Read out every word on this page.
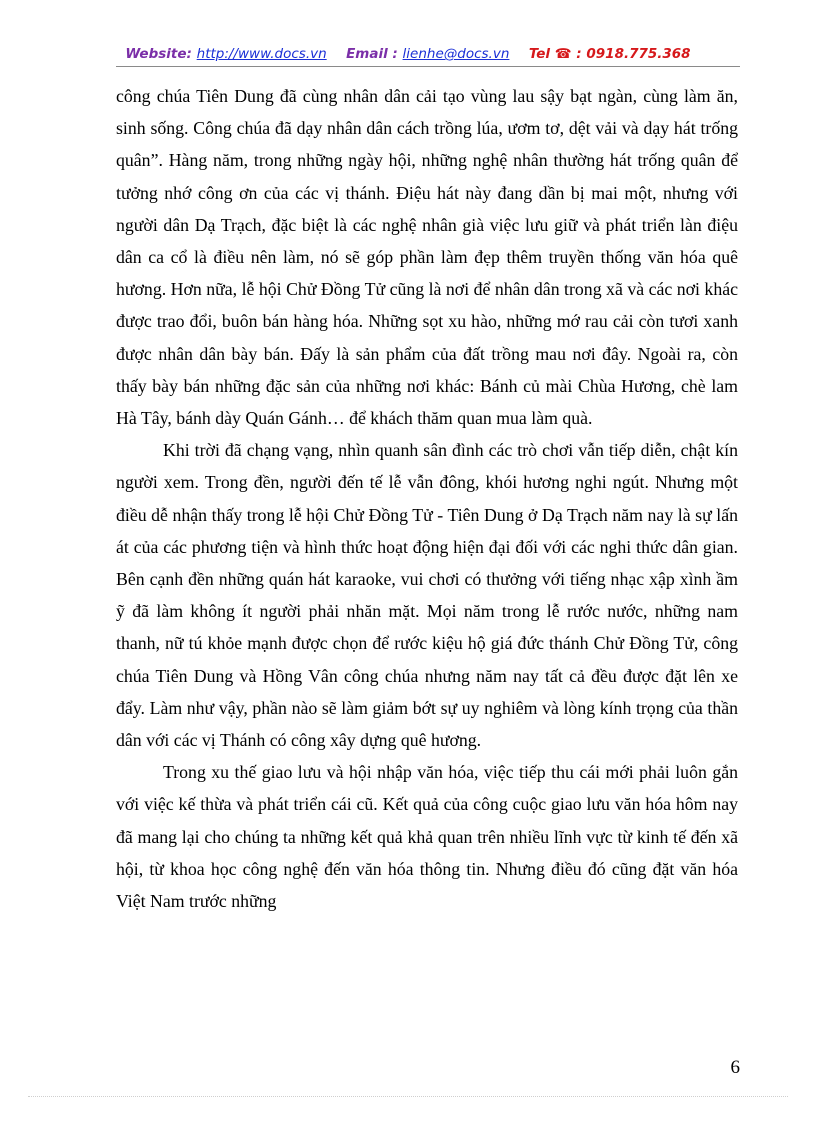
Website: http://www.docs.vn Email : lienhe@docs.vn Tel ☎ : 0918.775.368

công chúa Tiên Dung đã cùng nhân dân cải tạo vùng lau sậy bạt ngàn, cùng làm ăn, sinh sống. Công chúa đã dạy nhân dân cách trồng lúa, ươm tơ, dệt vải và dạy hát trống quân”. Hàng năm, trong những ngày hội, những nghệ nhân thường hát trống quân để tưởng nhớ công ơn của các vị thánh. Điệu hát này đang dần bị mai một, nhưng với người dân Dạ Trạch, đặc biệt là các nghệ nhân già việc lưu giữ và phát triển làn điệu dân ca cổ là điều nên làm, nó sẽ góp phần làm đẹp thêm truyền thống văn hóa quê hương. Hơn nữa, lễ hội Chử Đồng Tử cũng là nơi để nhân dân trong xã và các nơi khác được trao đổi, buôn bán hàng hóa. Những sọt xu hào, những mớ rau cải còn tươi xanh được nhân dân bày bán. Đấy là sản phẩm của đất trồng mau nơi đây. Ngoài ra, còn thấy bày bán những đặc sản của những nơi khác: Bánh củ mài Chùa Hương, chè lam Hà Tây, bánh dày Quán Gánh… để khách thăm quan mua làm quà.

Khi trời đã chạng vạng, nhìn quanh sân đình các trò chơi vẫn tiếp diễn, chật kín người xem. Trong đền, người đến tế lễ vẫn đông, khói hương nghi ngút. Nhưng một điều dễ nhận thấy trong lễ hội Chử Đồng Tử - Tiên Dung ở Dạ Trạch năm nay là sự lấn át của các phương tiện và hình thức hoạt động hiện đại đối với các nghi thức dân gian. Bên cạnh đền những quán hát karaoke, vui chơi có thưởng với tiếng nhạc xập xình ầm ỹ đã làm không ít người phải nhăn mặt. Mọi năm trong lễ rước nước, những nam thanh, nữ tú khỏe mạnh được chọn để rước kiệu hộ giá đức thánh Chử Đồng Tử, công chúa Tiên Dung và Hồng Vân công chúa nhưng năm nay tất cả đều được đặt lên xe đẩy. Làm như vậy, phần nào sẽ làm giảm bớt sự uy nghiêm và lòng kính trọng của thần dân với các vị Thánh có công xây dựng quê hương.

Trong xu thế giao lưu và hội nhập văn hóa, việc tiếp thu cái mới phải luôn gắn với việc kế thừa và phát triển cái cũ. Kết quả của công cuộc giao lưu văn hóa hôm nay đã mang lại cho chúng ta những kết quả khả quan trên nhiều lĩnh vực từ kinh tế đến xã hội, từ khoa học công nghệ đến văn hóa thông tin. Nhưng điều đó cũng đặt văn hóa Việt Nam trước những

6
